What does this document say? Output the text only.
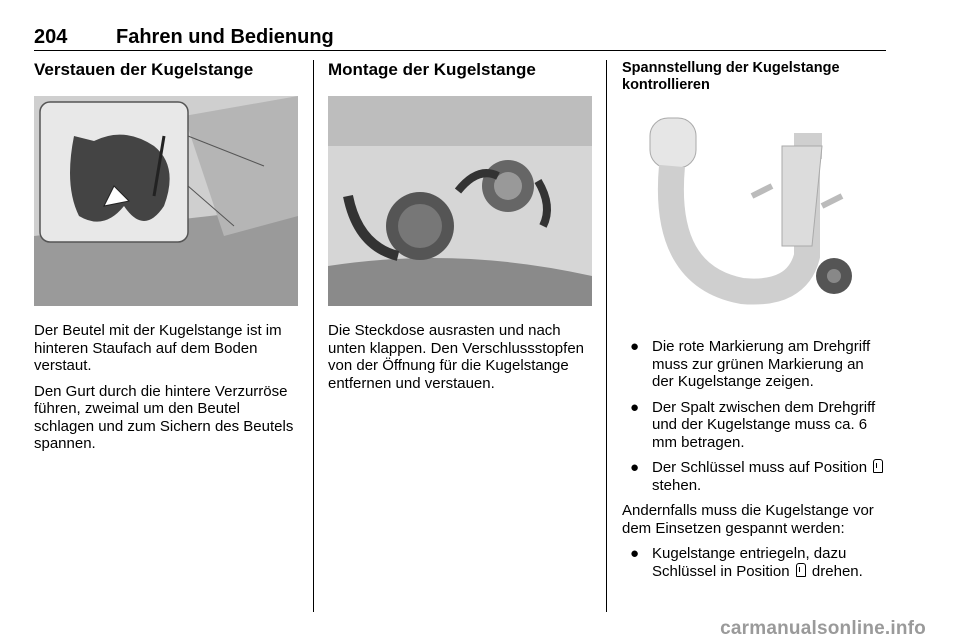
204 Fahren und Bedienung
Verstauen der Kugelstange

Der Beutel mit der Kugelstange ist im hinteren Staufach auf dem Boden verstaut.

Den Gurt durch die hintere Verzurröse führen, zweimal um den Beutel schlagen und zum Sichern des Beutels spannen.

Montage der Kugelstange

Die Steckdose ausrasten und nach unten klappen. Den Verschlussstopfen von der Öffnung für die Kugelstange entfernen und verstauen.

Spannstellung der Kugelstange kontrollieren
● Die rote Markierung am Drehgriff muss zur grünen Markierung an der Kugelstange zeigen.
● Der Spalt zwischen dem Drehgriff und der Kugelstange muss ca. 6 mm betragen.
● Der Schlüssel muss auf Position  stehen.

Andernfalls muss die Kugelstange vor dem Einsetzen gespannt werden:

● Kugelstange entriegeln, dazu Schlüssel in Position drehen.
carmanualsonline.info
